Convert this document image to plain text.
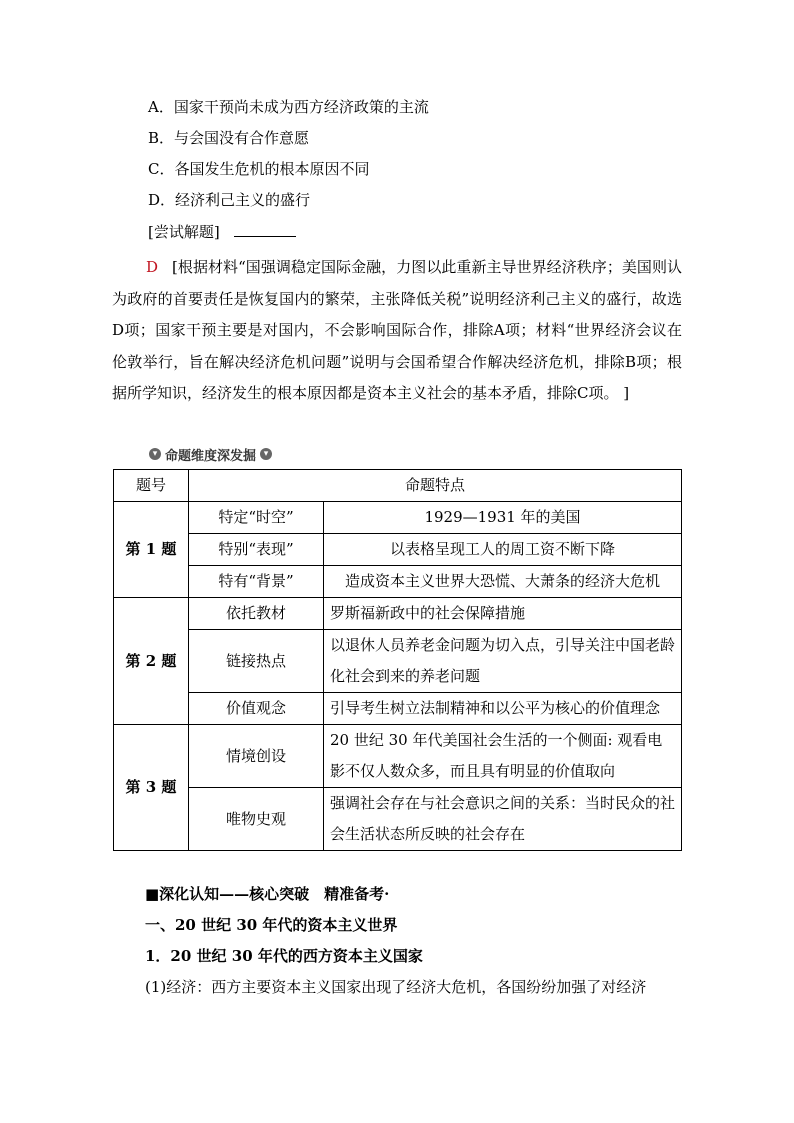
A．国家干预尚未成为西方经济政策的主流
B．与会国没有合作意愿
C．各国发生危机的根本原因不同
D．经济利己主义的盛行
[尝试解题]
D [根据材料“国强调稳定国际金融，力图以此重新主导世界经济秩序；美国则认为政府的首要责任是恢复国内的繁荣，主张降低关税”说明经济利己主义的盛行，故选D项；国家干预主要是对国内，不会影响国际合作，排除A项；材料“世界经济会议在伦敦举行，旨在解决经济危机问题”说明与会国希望合作解决经济危机，排除B项；根据所学知识，经济发生的根本原因都是资本主义社会的基本矛盾，排除C项。 ]
▾ 命题维度深发掘 ▾
题号	命题特点	
第 1 题	特定“时空”	1929—1931 年的美国
	特别“表现”	以表格呈现工人的周工资不断下降
	特有“背景”	造成资本主义世界大恐慌、大萧条的经济大危机
第 2 题	依托教材	罗斯福新政中的社会保障措施
	链接热点	以退休人员养老金问题为切入点，引导关注中国老龄化社会到来的养老问题
	价值观念	引导考生树立法制精神和以公平为核心的价值理念
第 3 题	情境创设	20 世纪 30 年代美国社会生活的一个侧面: 观看电影不仅人数众多，而且具有明显的价值取向
	唯物史观	强调社会存在与社会意识之间的关系：当时民众的社会生活状态所反映的社会存在
■深化认知——核心突破　精准备考·
一、20 世纪 30 年代的资本主义世界
1．20 世纪 30 年代的西方资本主义国家
(1)经济：西方主要资本主义国家出现了经济大危机，各国纷纷加强了对经济
